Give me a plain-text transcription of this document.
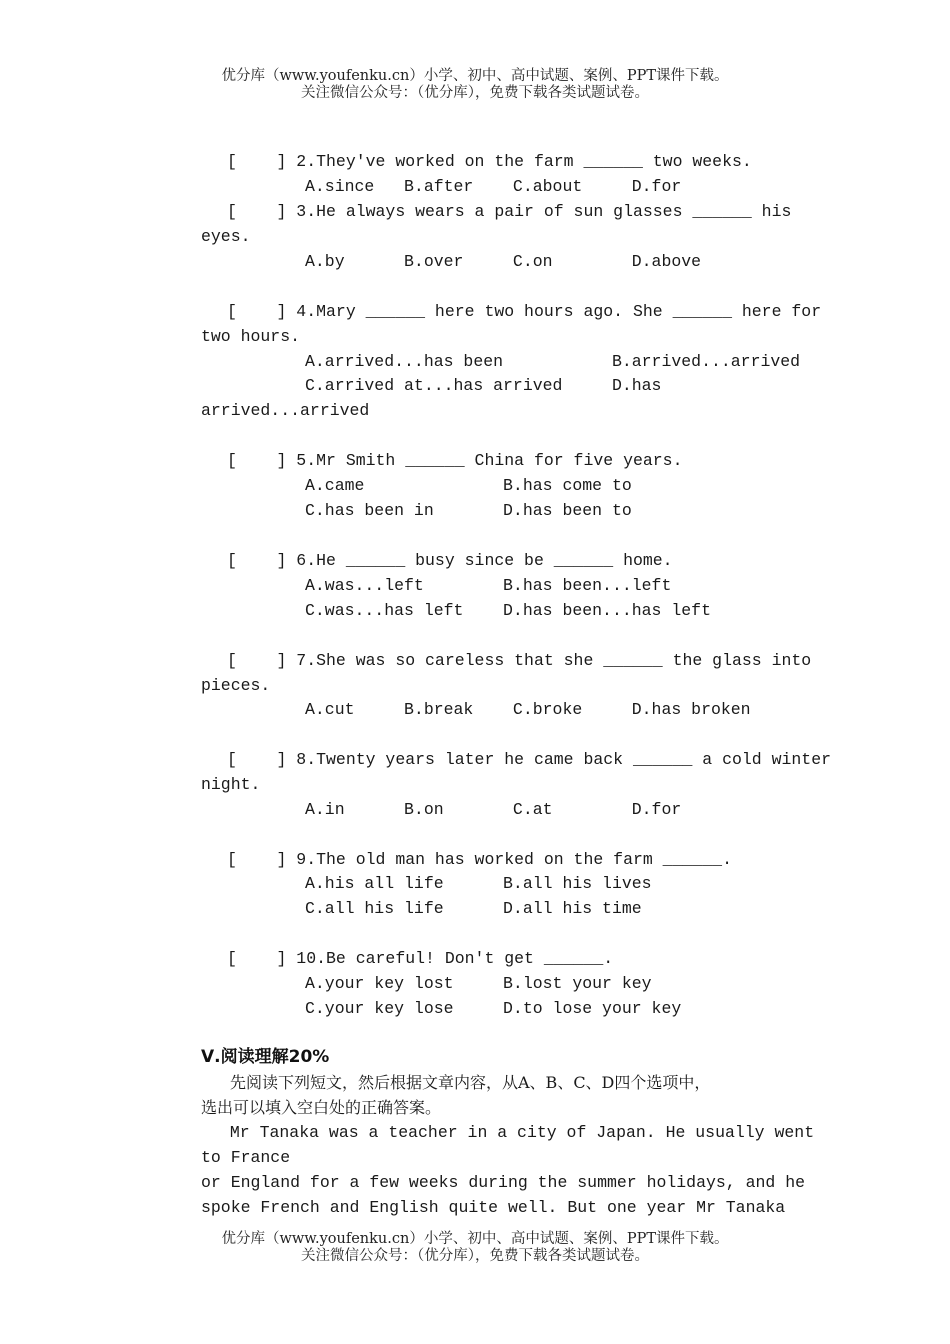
优分库（www.youfenku.cn）小学、初中、高中试题、案例、PPT课件下载。
关注微信公众号：（优分库），免费下载各类试题试卷。
[    ] 2.They've worked on the farm ______ two weeks.
A.since   B.after    C.about     D.for
[    ] 3.He always wears a pair of sun glasses ______ his
eyes.
A.by      B.over     C.on        D.above
[    ] 4.Mary ______ here two hours ago. She ______ here for
two hours.
A.arrived...has been           B.arrived...arrived
C.arrived at...has arrived     D.has
arrived...arrived
[    ] 5.Mr Smith ______ China for five years.
A.came              B.has come to
C.has been in       D.has been to
[    ] 6.He ______ busy since be ______ home.
A.was...left        B.has been...left
C.was...has left    D.has been...has left
[    ] 7.She was so careless that she ______ the glass into
pieces.
A.cut     B.break    C.broke     D.has broken
[    ] 8.Twenty years later he came back ______ a cold winter
night.
A.in      B.on       C.at        D.for
[    ] 9.The old man has worked on the farm ______.
A.his all life      B.all his lives
C.all his life      D.all his time
[    ] 10.Be careful! Don't get ______.
A.your key lost     B.lost your key
C.your key lose     D.to lose your key
Ⅴ.阅读理解20%
先阅读下列短文，然后根据文章内容，从A、B、C、D四个选项中，
选出可以填入空白处的正确答案。
Mr Tanaka was a teacher in a city of Japan. He usually went
to France
or England for a few weeks during the summer holidays, and he
spoke French and English quite well. But one year Mr Tanaka
优分库（www.youfenku.cn）小学、初中、高中试题、案例、PPT课件下载。
关注微信公众号：（优分库），免费下载各类试题试卷。
